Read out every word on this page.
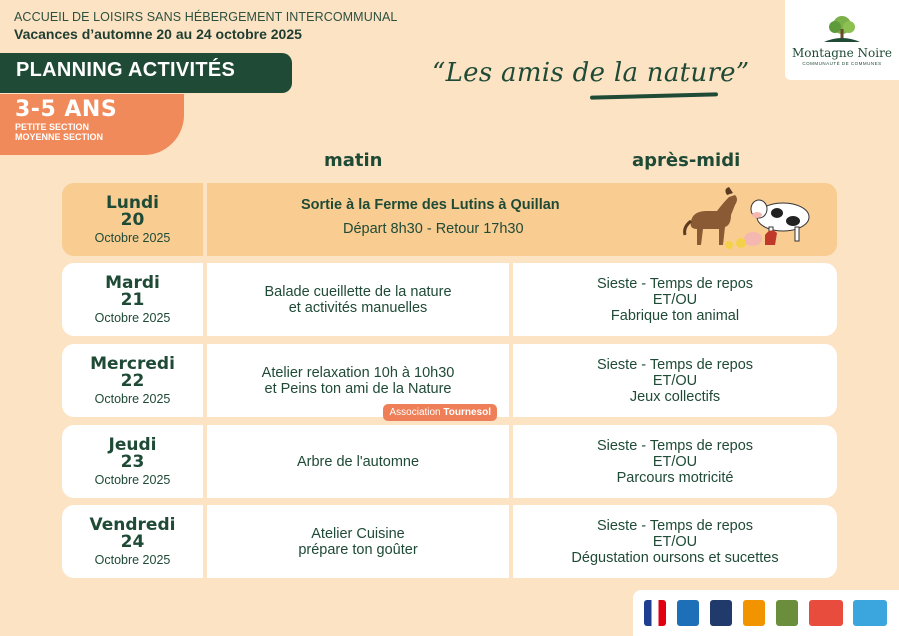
ACCUEIL DE LOISIRS SANS HÉBERGEMENT INTERCOMMUNAL
Vacances d’automne 20 au 24 octobre 2025
PLANNING ACTIVITÉS
3-5 ANS
PETITE SECTION
MOYENNE SECTION
“Les amis de la nature”
Montagne Noire
COMMUNAUTÉ DE COMMUNES
matin	après-midi
Lundi
20
Octobre 2025
Sortie à la Ferme des Lutins à Quillan
Départ 8h30 - Retour 17h30
Mardi
21
Octobre 2025
Balade cueillette de la nature
et activités manuelles
Sieste - Temps de repos
ET/OU
Fabrique ton animal
Mercredi
22
Octobre 2025
Atelier relaxation 10h à 10h30
et Peins ton ami de la Nature
Association Tournesol
Sieste - Temps de repos
ET/OU
Jeux collectifs
Jeudi
23
Octobre 2025
Arbre de l'automne
Sieste - Temps de repos
ET/OU
Parcours motricité
Vendredi
24
Octobre 2025
Atelier Cuisine
prépare ton goûter
Sieste - Temps de repos
ET/OU
Dégustation oursons et sucettes
